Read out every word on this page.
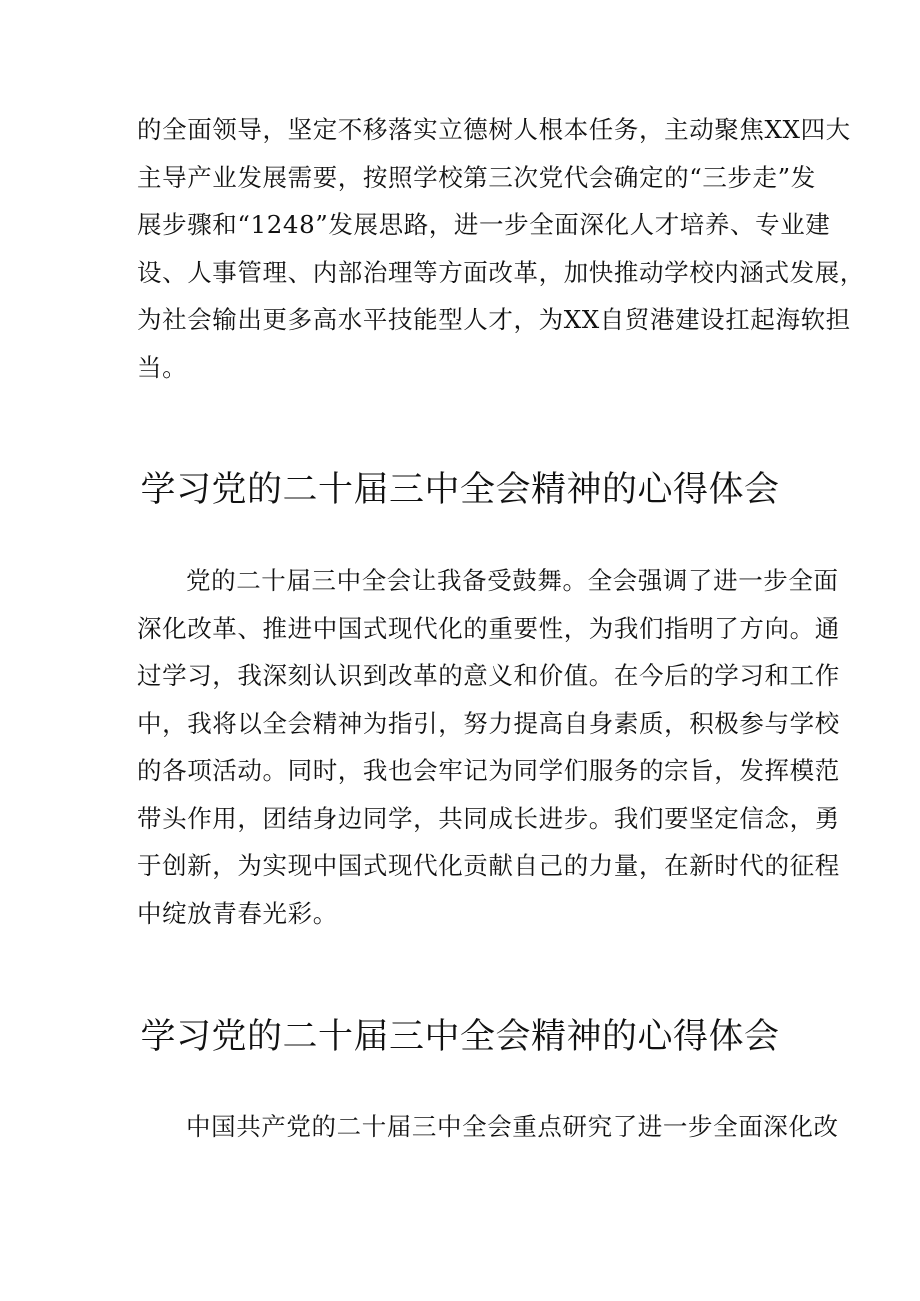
的全面领导，坚定不移落实立德树人根本任务，主动聚焦XX四大
主导产业发展需要，按照学校第三次党代会确定的“三步走”发
展步骤和“1248”发展思路，进一步全面深化人才培养、专业建
设、人事管理、内部治理等方面改革，加快推动学校内涵式发展，
为社会输出更多高水平技能型人才，为XX自贸港建设扛起海软担
当。
学习党的二十届三中全会精神的心得体会
党的二十届三中全会让我备受鼓舞。全会强调了进一步全面
深化改革、推进中国式现代化的重要性，为我们指明了方向。通
过学习，我深刻认识到改革的意义和价值。在今后的学习和工作
中，我将以全会精神为指引，努力提高自身素质，积极参与学校
的各项活动。同时，我也会牢记为同学们服务的宗旨，发挥模范
带头作用，团结身边同学，共同成长进步。我们要坚定信念，勇
于创新，为实现中国式现代化贡献自己的力量，在新时代的征程
中绽放青春光彩。
学习党的二十届三中全会精神的心得体会
中国共产党的二十届三中全会重点研究了进一步全面深化改
